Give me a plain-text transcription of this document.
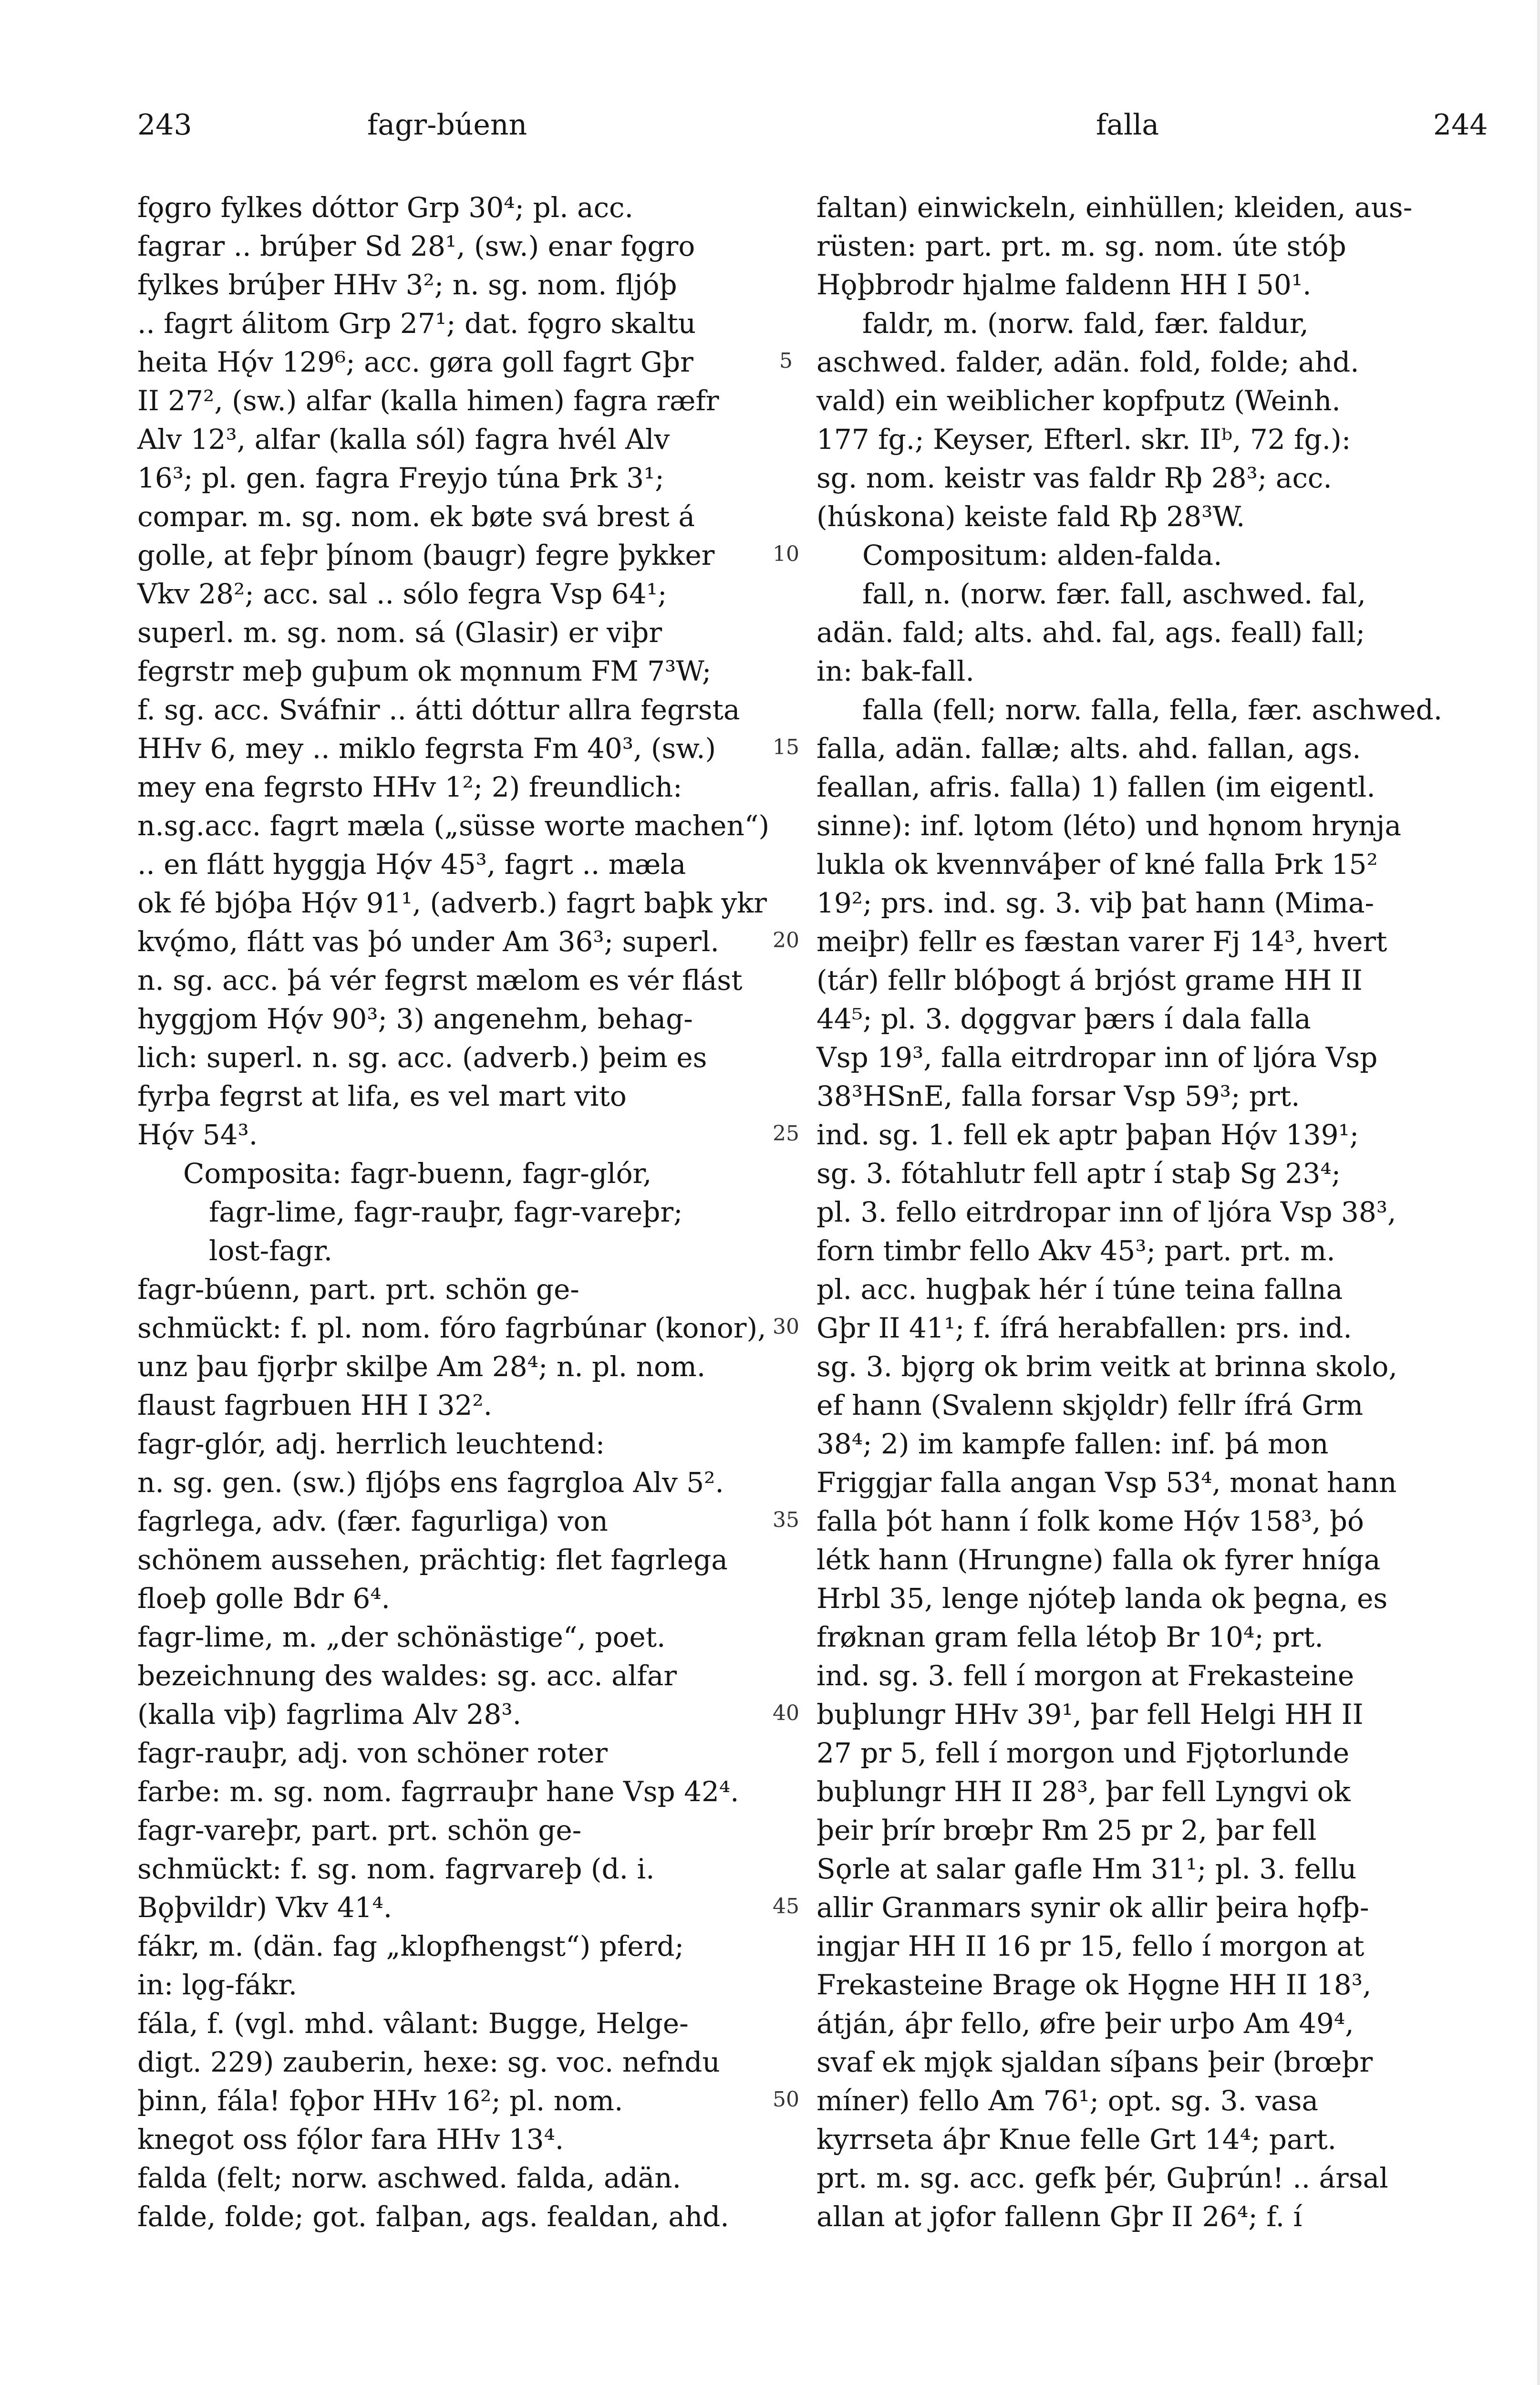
243	fagr-búenn	falla	244
fǫgro fylkes dóttor Grp 30⁴; pl. acc.
fagrar .. brúþer Sd 28¹, (sw.) enar fǫgro
fylkes brúþer HHv 3²; n. sg. nom. fljóþ
.. fagrt álitom Grp 27¹; dat. fǫgro skaltu
heita Hǫ́v 129⁶; acc. gøra goll fagrt Gþr
II 27², (sw.) alfar (kalla himen) fagra ræfr
Alv 12³, alfar (kalla sól) fagra hvél Alv
16³; pl. gen. fagra Freyjo túna Þrk 3¹;
compar. m. sg. nom. ek bøte svá brest á
golle, at feþr þínom (baugr) fegre þykker
Vkv 28²; acc. sal .. sólo fegra Vsp 64¹;
superl. m. sg. nom. sá (Glasir) er viþr
fegrstr meþ guþum ok mǫnnum FM 7³W;
f. sg. acc. Sváfnir .. átti dóttur allra fegrsta
HHv 6, mey .. miklo fegrsta Fm 40³, (sw.)
mey ena fegrsto HHv 1²; 2) freundlich:
n.sg.acc. fagrt mæla („süsse worte machen“)
.. en flátt hyggja Hǫ́v 45³, fagrt .. mæla
ok fé bjóþa Hǫ́v 91¹, (adverb.) fagrt baþk ykr
kvǫ́mo, flátt vas þó under Am 36³; superl.
n. sg. acc. þá vér fegrst mælom es vér flást
hyggjom Hǫ́v 90³; 3) angenehm, behag-
lich: superl. n. sg. acc. (adverb.) þeim es
fyrþa fegrst at lifa, es vel mart vito
Hǫ́v 54³.
Composita: fagr-buenn, fagr-glór,
fagr-lime, fagr-rauþr, fagr-vareþr;
lost-fagr.
fagr-búenn, part. prt. schön ge-
schmückt: f. pl. nom. fóro fagrbúnar (konor),
unz þau fjǫrþr skilþe Am 28⁴; n. pl. nom.
flaust fagrbuen HH I 32².
fagr-glór, adj. herrlich leuchtend:
n. sg. gen. (sw.) fljóþs ens fagrgloa Alv 5².
fagrlega, adv. (fær. fagurliga) von
schönem aussehen, prächtig: flet fagrlega
floeþ golle Bdr 6⁴.
fagr-lime, m. „der schönästige“, poet.
bezeichnung des waldes: sg. acc. alfar
(kalla viþ) fagrlima Alv 28³.
fagr-rauþr, adj. von schöner roter
farbe: m. sg. nom. fagrrauþr hane Vsp 42⁴.
fagr-vareþr, part. prt. schön ge-
schmückt: f. sg. nom. fagrvareþ (d. i.
Bǫþvildr) Vkv 41⁴.
fákr, m. (dän. fag „klopfhengst“) pferd;
in: lǫg-fákr.
fála, f. (vgl. mhd. vâlant: Bugge, Helge-
digt. 229) zauberin, hexe: sg. voc. nefndu
þinn, fála! fǫþor HHv 16²; pl. nom.
knegot oss fǫ́lor fara HHv 13⁴.
falda (felt; norw. aschwed. falda, adän.
falde, folde; got. falþan, ags. fealdan, ahd.
faltan) einwickeln, einhüllen; kleiden, aus-
rüsten: part. prt. m. sg. nom. úte stóþ
Hǫþbrodr hjalme faldenn HH I 50¹.
faldr, m. (norw. fald, fær. faldur,
aschwed. falder, adän. fold, folde; ahd.
vald) ein weiblicher kopfputz (Weinh.
177 fg.; Keyser, Efterl. skr. IIᵇ, 72 fg.):
sg. nom. keistr vas faldr Rþ 28³; acc.
(húskona) keiste fald Rþ 28³W.
Compositum: alden-falda.
fall, n. (norw. fær. fall, aschwed. fal,
adän. fald; alts. ahd. fal, ags. feall) fall;
in: bak-fall.
falla (fell; norw. falla, fella, fær. aschwed.
falla, adän. fallæ; alts. ahd. fallan, ags.
feallan, afris. falla) 1) fallen (im eigentl.
sinne): inf. lǫtom (léto) und hǫnom hrynja
lukla ok kvennváþer of kné falla Þrk 15²
19²; prs. ind. sg. 3. viþ þat hann (Mima-
meiþr) fellr es fæstan varer Fj 14³, hvert
(tár) fellr blóþogt á brjóst grame HH II
44⁵; pl. 3. dǫggvar þærs í dala falla
Vsp 19³, falla eitrdropar inn of ljóra Vsp
38³HSnE, falla forsar Vsp 59³; prt.
ind. sg. 1. fell ek aptr þaþan Hǫ́v 139¹;
sg. 3. fótahlutr fell aptr í staþ Sg 23⁴;
pl. 3. fello eitrdropar inn of ljóra Vsp 38³,
forn timbr fello Akv 45³; part. prt. m.
pl. acc. hugþak hér í túne teina fallna
Gþr II 41¹; f. ífrá herabfallen: prs. ind.
sg. 3. bjǫrg ok brim veitk at brinna skolo,
ef hann (Svalenn skjǫldr) fellr ífrá Grm
38⁴; 2) im kampfe fallen: inf. þá mon
Friggjar falla angan Vsp 53⁴, monat hann
falla þót hann í folk kome Hǫ́v 158³, þó
létk hann (Hrungne) falla ok fyrer hníga
Hrbl 35, lenge njóteþ landa ok þegna, es
frøknan gram fella létoþ Br 10⁴; prt.
ind. sg. 3. fell í morgon at Frekasteine
buþlungr HHv 39¹, þar fell Helgi HH II
27 pr 5, fell í morgon und Fjǫtorlunde
buþlungr HH II 28³, þar fell Lyngvi ok
þeir þrír brœþr Rm 25 pr 2, þar fell
Sǫrle at salar gafle Hm 31¹; pl. 3. fellu
allir Granmars synir ok allir þeira hǫfþ-
ingjar HH II 16 pr 15, fello í morgon at
Frekasteine Brage ok Hǫgne HH II 18³,
átján, áþr fello, øfre þeir urþo Am 49⁴,
svaf ek mjǫk sjaldan síþans þeir (brœþr
míner) fello Am 76¹; opt. sg. 3. vasa
kyrrseta áþr Knue felle Grt 14⁴; part.
prt. m. sg. acc. gefk þér, Guþrún! .. ársal
allan at jǫfor fallenn Gþr II 26⁴; f. í
5
10
15
20
25
30
35
40
45
50
